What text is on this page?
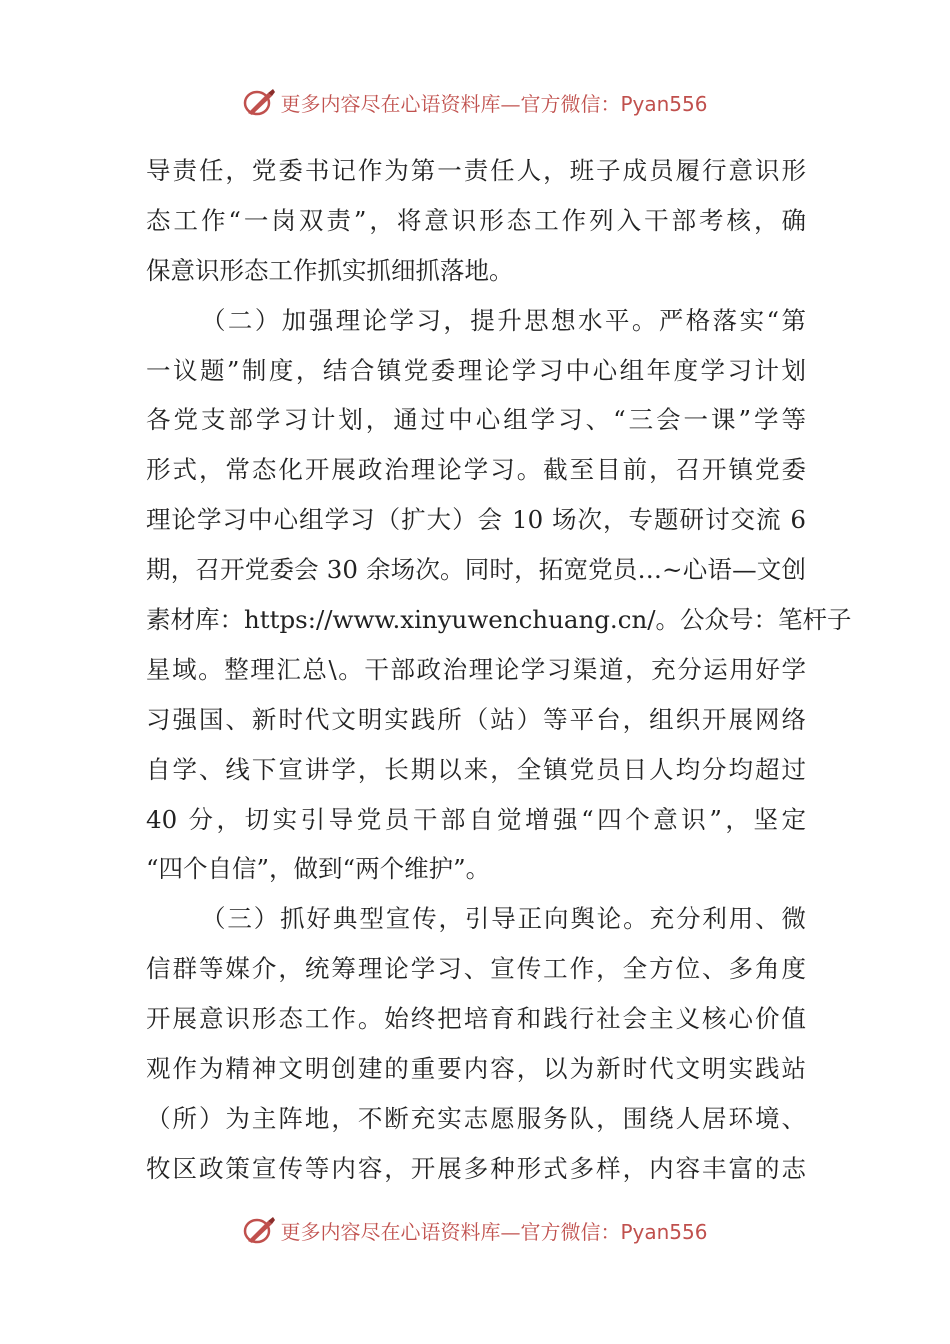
更多内容尽在心语资料库—官方微信：Pyan556
导责任，党委书记作为第一责任人，班子成员履行意识形
态工作“一岗双责”，将意识形态工作列入干部考核，确
保意识形态工作抓实抓细抓落地。
（二）加强理论学习，提升思想水平。严格落实“第
一议题”制度，结合镇党委理论学习中心组年度学习计划
各党支部学习计划，通过中心组学习、“三会一课”学等
形式，常态化开展政治理论学习。截至目前，召开镇党委
理论学习中心组学习（扩大）会 10 场次，专题研讨交流 6
期，召开党委会 30 余场次。同时，拓宽党员…~心语—文创
素材库：https://www.xinyuwenchuang.cn/。公众号：笔杆子
星域。整理汇总\。干部政治理论学习渠道，充分运用好学
习强国、新时代文明实践所（站）等平台，组织开展网络
自学、线下宣讲学，长期以来，全镇党员日人均分均超过
40 分，切实引导党员干部自觉增强“四个意识”，坚定
“四个自信”，做到“两个维护”。
（三）抓好典型宣传，引导正向舆论。充分利用、微
信群等媒介，统筹理论学习、宣传工作，全方位、多角度
开展意识形态工作。始终把培育和践行社会主义核心价值
观作为精神文明创建的重要内容，以为新时代文明实践站
（所）为主阵地，不断充实志愿服务队，围绕人居环境、
牧区政策宣传等内容，开展多种形式多样，内容丰富的志
更多内容尽在心语资料库—官方微信：Pyan556
